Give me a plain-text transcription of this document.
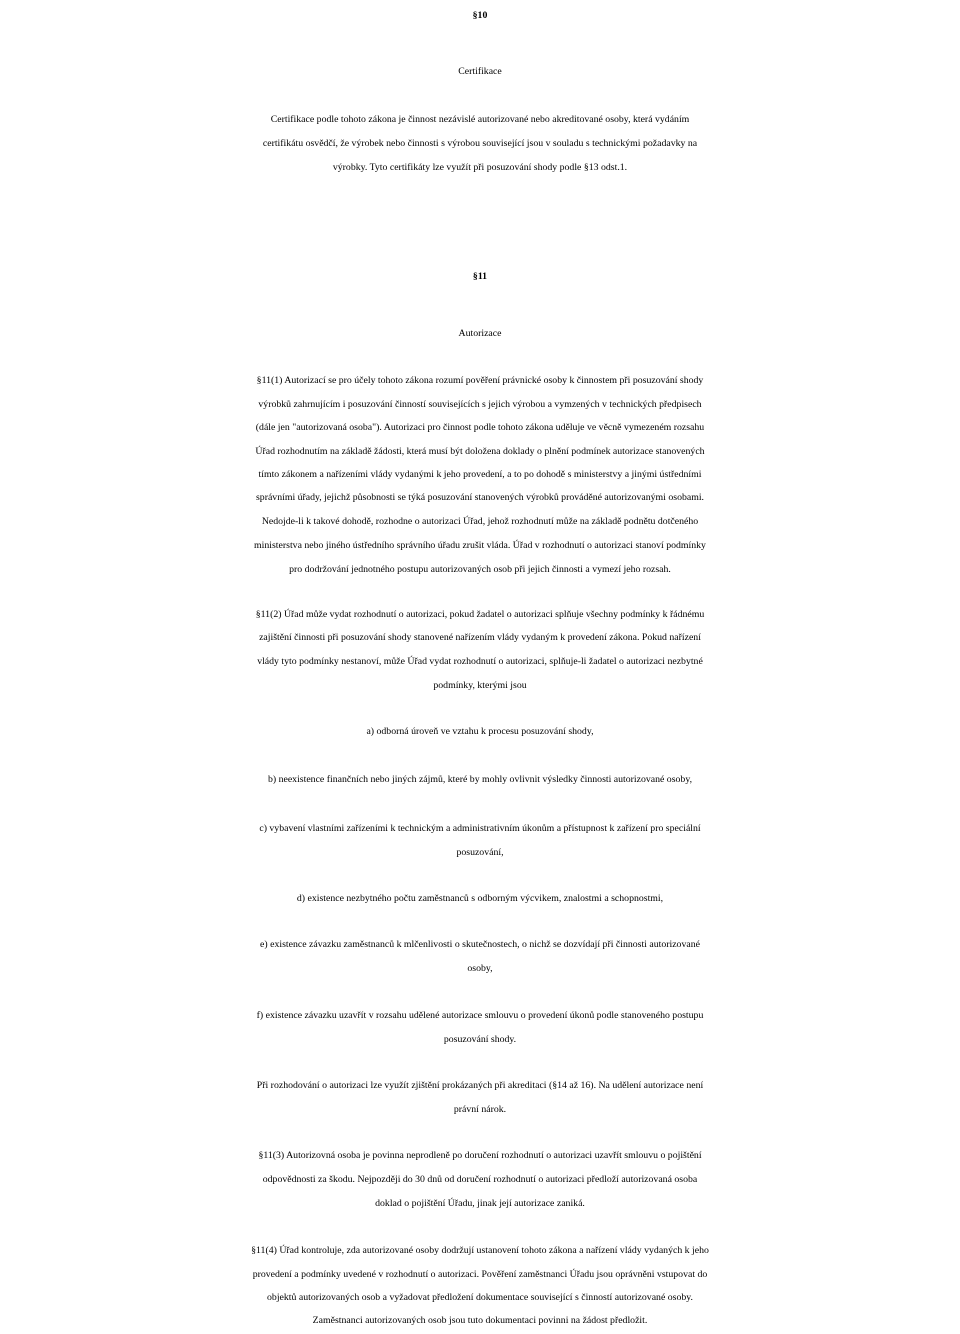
§10
Certifikace
Certifikace podle tohoto zákona je činnost nezávislé autorizované nebo akreditované osoby, která vydáním
certifikátu osvědčí, že výrobek nebo činnosti s výrobou související jsou v souladu s technickými požadavky na
výrobky. Tyto certifikáty lze využít při posuzování shody podle §13 odst.1.
§11
Autorizace
§11(1) Autorizací se pro účely tohoto zákona rozumí pověření právnické osoby k činnostem při posuzování shody
výrobků zahrnujícím i posuzování činností souvisejících s jejich výrobou a vymzených v technických předpisech
(dále jen "autorizovaná osoba"). Autorizaci pro činnost podle tohoto zákona uděluje ve věcně vymezeném rozsahu
Úřad rozhodnutím na základě žádosti, která musí být doložena doklady o plnění podmínek autorizace stanovených
tímto zákonem a nařízeními vlády vydanými k jeho provedení, a to po dohodě s ministerstvy a jinými ústředními
správními úřady, jejichž působnosti se týká posuzování stanovených výrobků prováděné autorizovanými osobami.
Nedojde-li k takové dohodě, rozhodne o autorizaci Úřad, jehož rozhodnutí může na základě podnětu dotčeného
ministerstva nebo jiného ústředního správního úřadu zrušit vláda. Úřad v rozhodnutí o autorizaci stanoví podmínky
pro dodržování jednotného postupu autorizovaných osob při jejich činnosti a vymezí jeho rozsah.
§11(2) Úřad může vydat rozhodnutí o autorizaci, pokud žadatel o autorizaci splňuje všechny podmínky k řádnému
zajištění činnosti při posuzování shody stanovené nařízením vlády vydaným k provedení zákona. Pokud nařízení
vlády tyto podmínky nestanoví, může Úřad vydat rozhodnutí o autorizaci, splňuje-li žadatel o autorizaci nezbytné
podmínky, kterými jsou
a) odborná úroveň ve vztahu k procesu posuzování shody,
b) neexistence finančních nebo jiných zájmů, které by mohly ovlivnit výsledky činnosti autorizované osoby,
c) vybavení vlastními zařízeními k technickým a administrativním úkonům a přístupnost k zařízení pro speciální
posuzování,
d) existence nezbytného počtu zaměstnanců s odborným výcvikem, znalostmi a schopnostmi,
e) existence závazku zaměstnanců k mlčenlivosti o skutečnostech, o nichž se dozvídají při činnosti autorizované
osoby,
f) existence závazku uzavřít v rozsahu udělené autorizace smlouvu o provedení úkonů podle stanoveného postupu
posuzování shody.
Při rozhodování o autorizaci lze využít zjištění prokázaných při akreditaci (§14 až 16). Na udělení autorizace není
právní nárok.
§11(3) Autorizovná osoba je povinna neprodleně po doručení rozhodnutí o autorizaci uzavřít smlouvu o pojištění
odpovědnosti za škodu. Nejpozději do 30 dnů od doručení rozhodnutí o autorizaci předloží autorizovaná osoba
doklad o pojištění Úřadu, jinak její autorizace zaniká.
§11(4) Úřad kontroluje, zda autorizované osoby dodržují ustanovení tohoto zákona a nařízení vlády vydaných k jeho
provedení a podmínky uvedené v rozhodnutí o autorizaci. Pověření zaměstnanci Úřadu jsou oprávněni vstupovat do
objektů autorizovaných osob a vyžadovat předložení dokumentace související s činností autorizované osoby.
Zaměstnanci autorizovaných osob jsou tuto dokumentaci povinni na žádost předložit.
